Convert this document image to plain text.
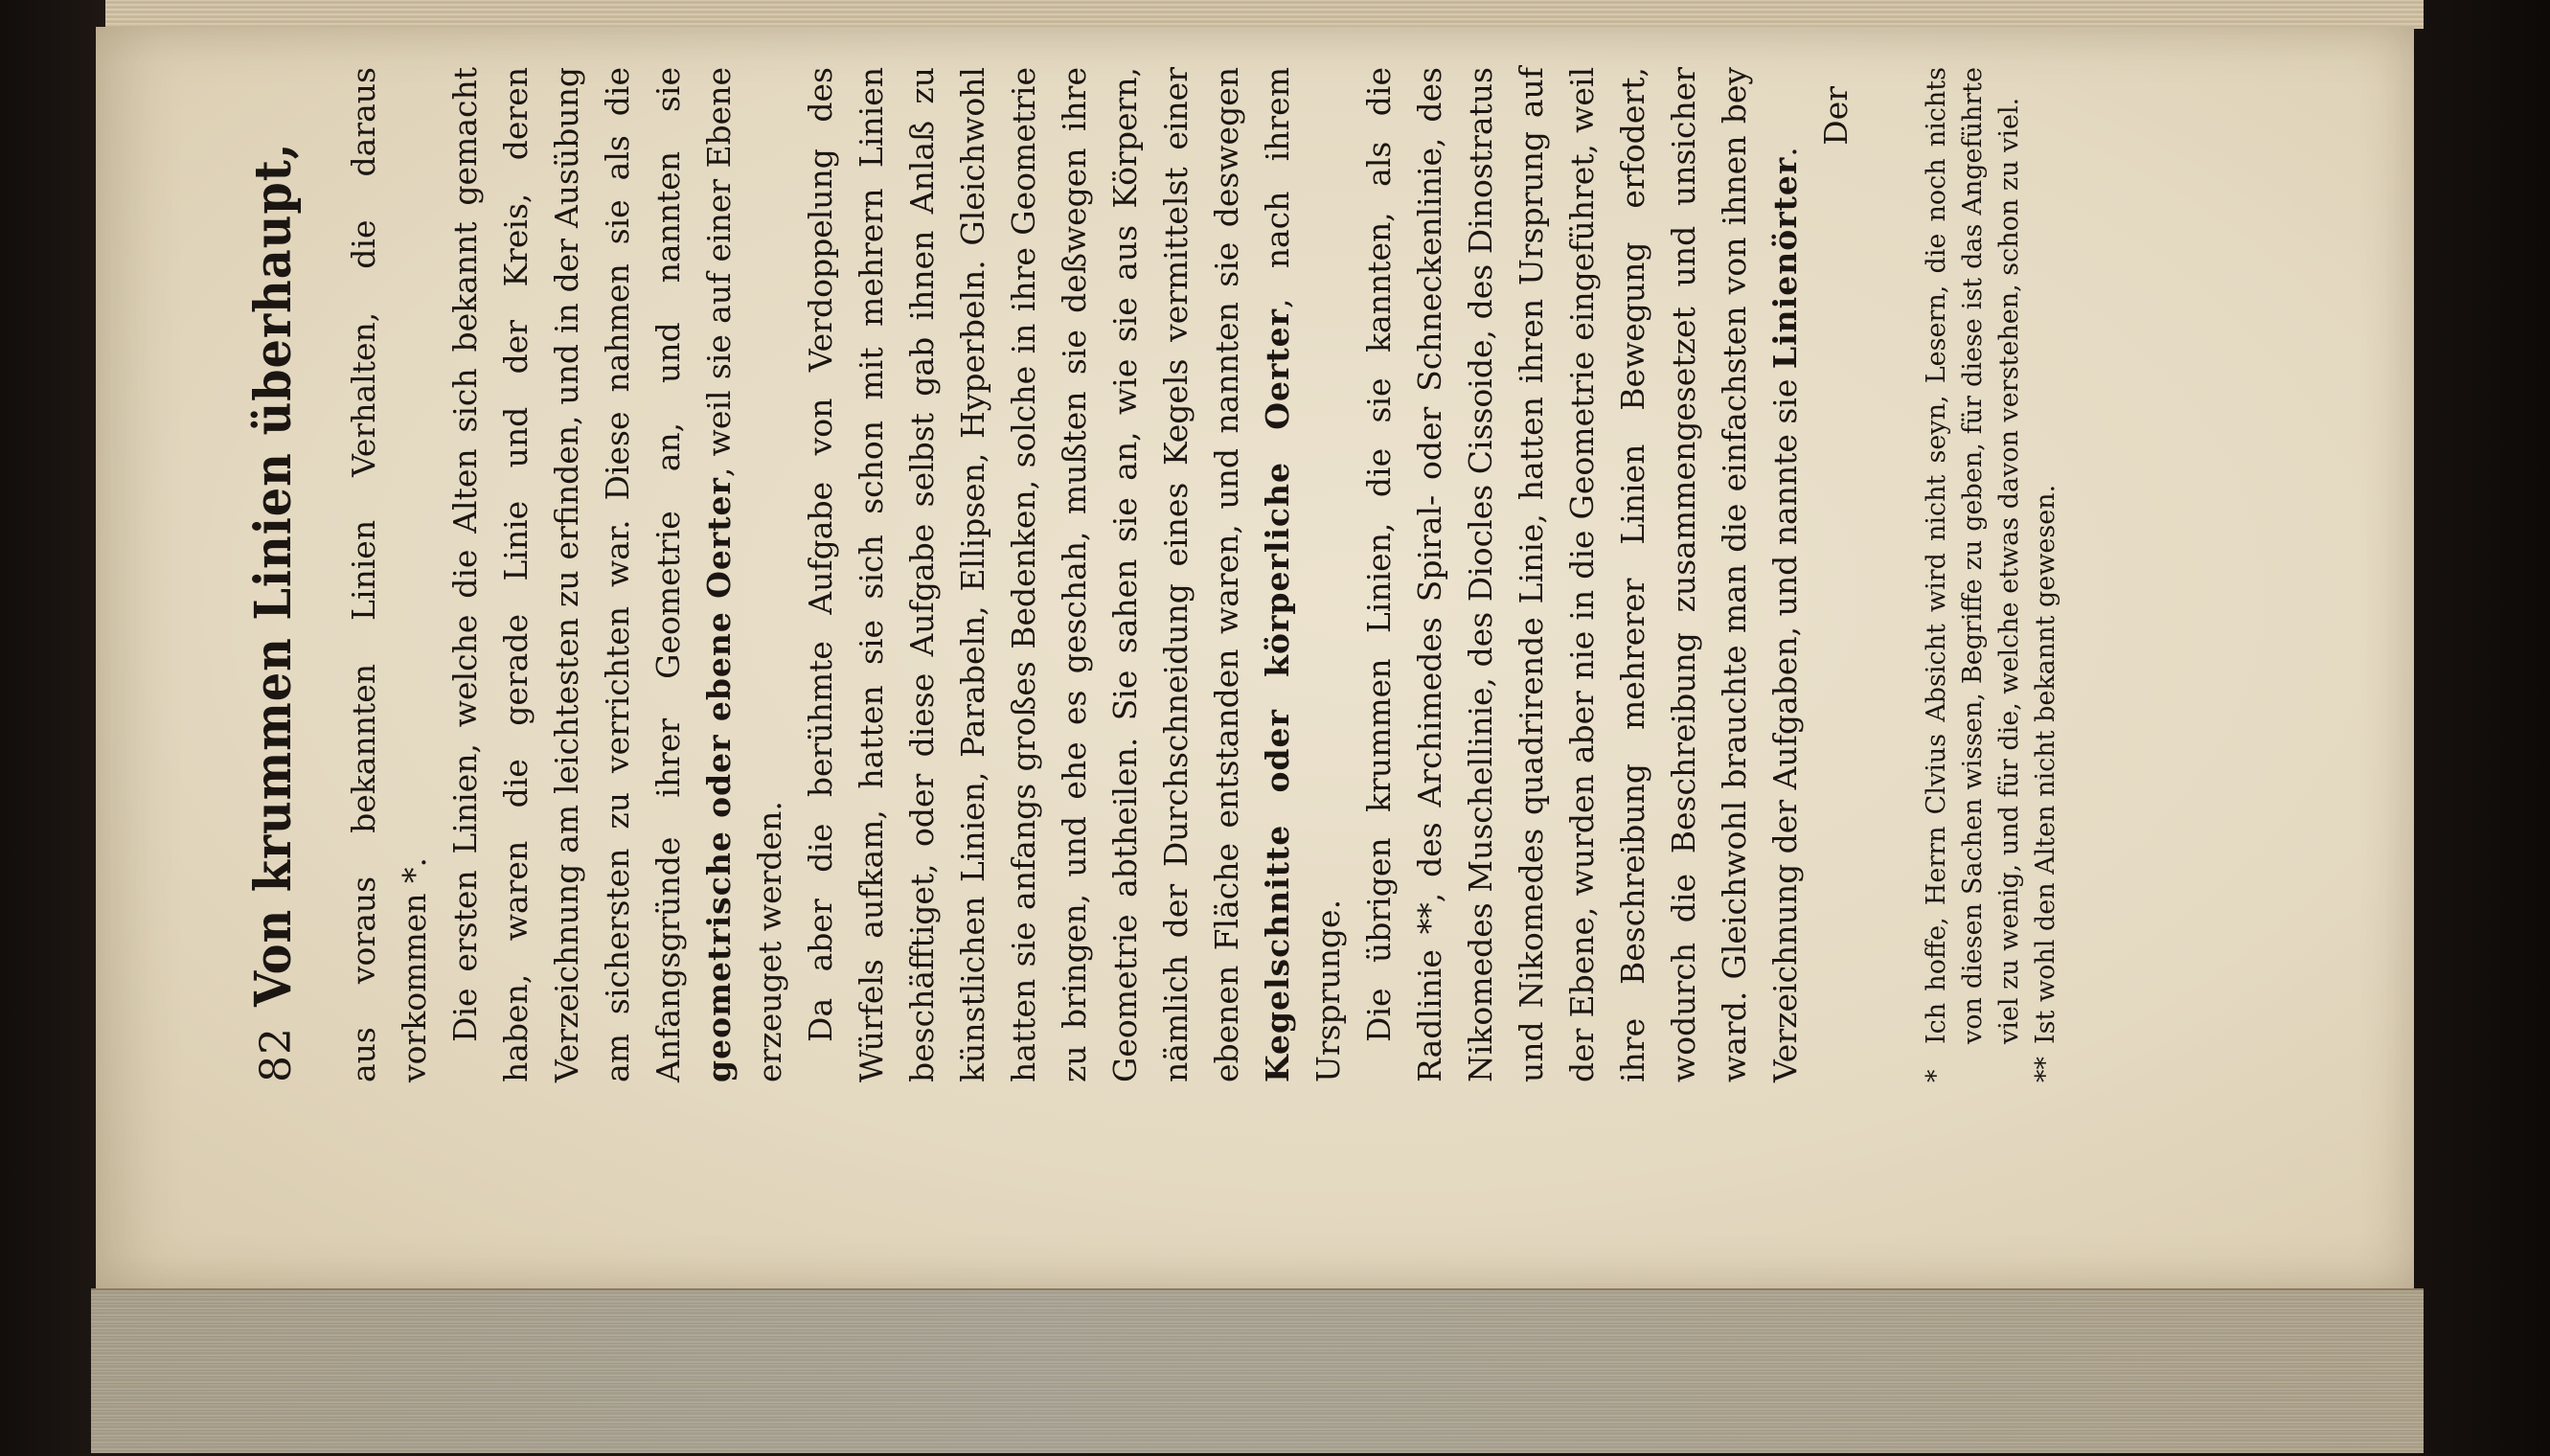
82
Von krummen Linien überhaupt, aus voraus bekannten Linien Verhalten, die daraus vorkommen *. Die ersten Linien, welche die Alten sich bekannt gemacht haben, waren die gerade Linie und der Kreis, deren Verzeichnung am leichtesten zu erfinden, und in der Ausübung am sichersten zu verrichten war. Diese nahmen sie als die Anfangsgründe ihrer Geometrie an, und nannten sie geometrische oder ebene Oerter, weil sie auf einer Ebene erzeuget werden. Da aber die berühmte Aufgabe von Verdoppelung des Würfels aufkam, hatten sie sich schon mit mehrern Linien beschäfftiget, oder diese Aufgabe selbst gab ihnen Anlaß zu künstlichen Linien, Parabeln, Ellipsen, Hyperbeln. Gleichwohl hatten sie anfangs großes Bedenken, solche in ihre Geometrie zu bringen, und ehe es geschah, mußten sie deßwegen ihre Geometrie abtheilen. Sie sahen sie an, wie sie aus Körpern, nämlich der Durchschneidung eines Kegels vermittelst einer ebenen Fläche entstanden waren, und nannten sie deswegen Kegelschnitte oder körperliche Oerter, nach ihrem Ursprunge. Die übrigen krummen Linien, die sie kannten, als die Radlinie **, des Archimedes Spiral- oder Schneckenlinie, des Nikomedes Muschellinie, des Diocles Cissoide, des Dinostratus und Nikomedes quadrirende Linie, hatten ihren Ursprung auf der Ebene, wurden aber nie in die Geometrie eingeführet, weil ihre Beschreibung mehrerer Linien Bewegung erfodert, wodurch die Beschreibung zusammengesetzet und unsicher ward. Gleichwohl brauchte man die einfachsten von ihnen bey Verzeichnung der Aufgaben, und nannte sie Linienörter.

Der

*Ich hoffe, Herrn Clvius Absicht wird nicht seyn, Lesern, die noch nichts von diesen Sachen wissen, Begriffe zu geben, für diese ist das Angeführte viel zu wenig, und für die, welche etwas davon verstehen, schon zu viel.

**Ist wohl den Alten nicht bekannt gewesen.
